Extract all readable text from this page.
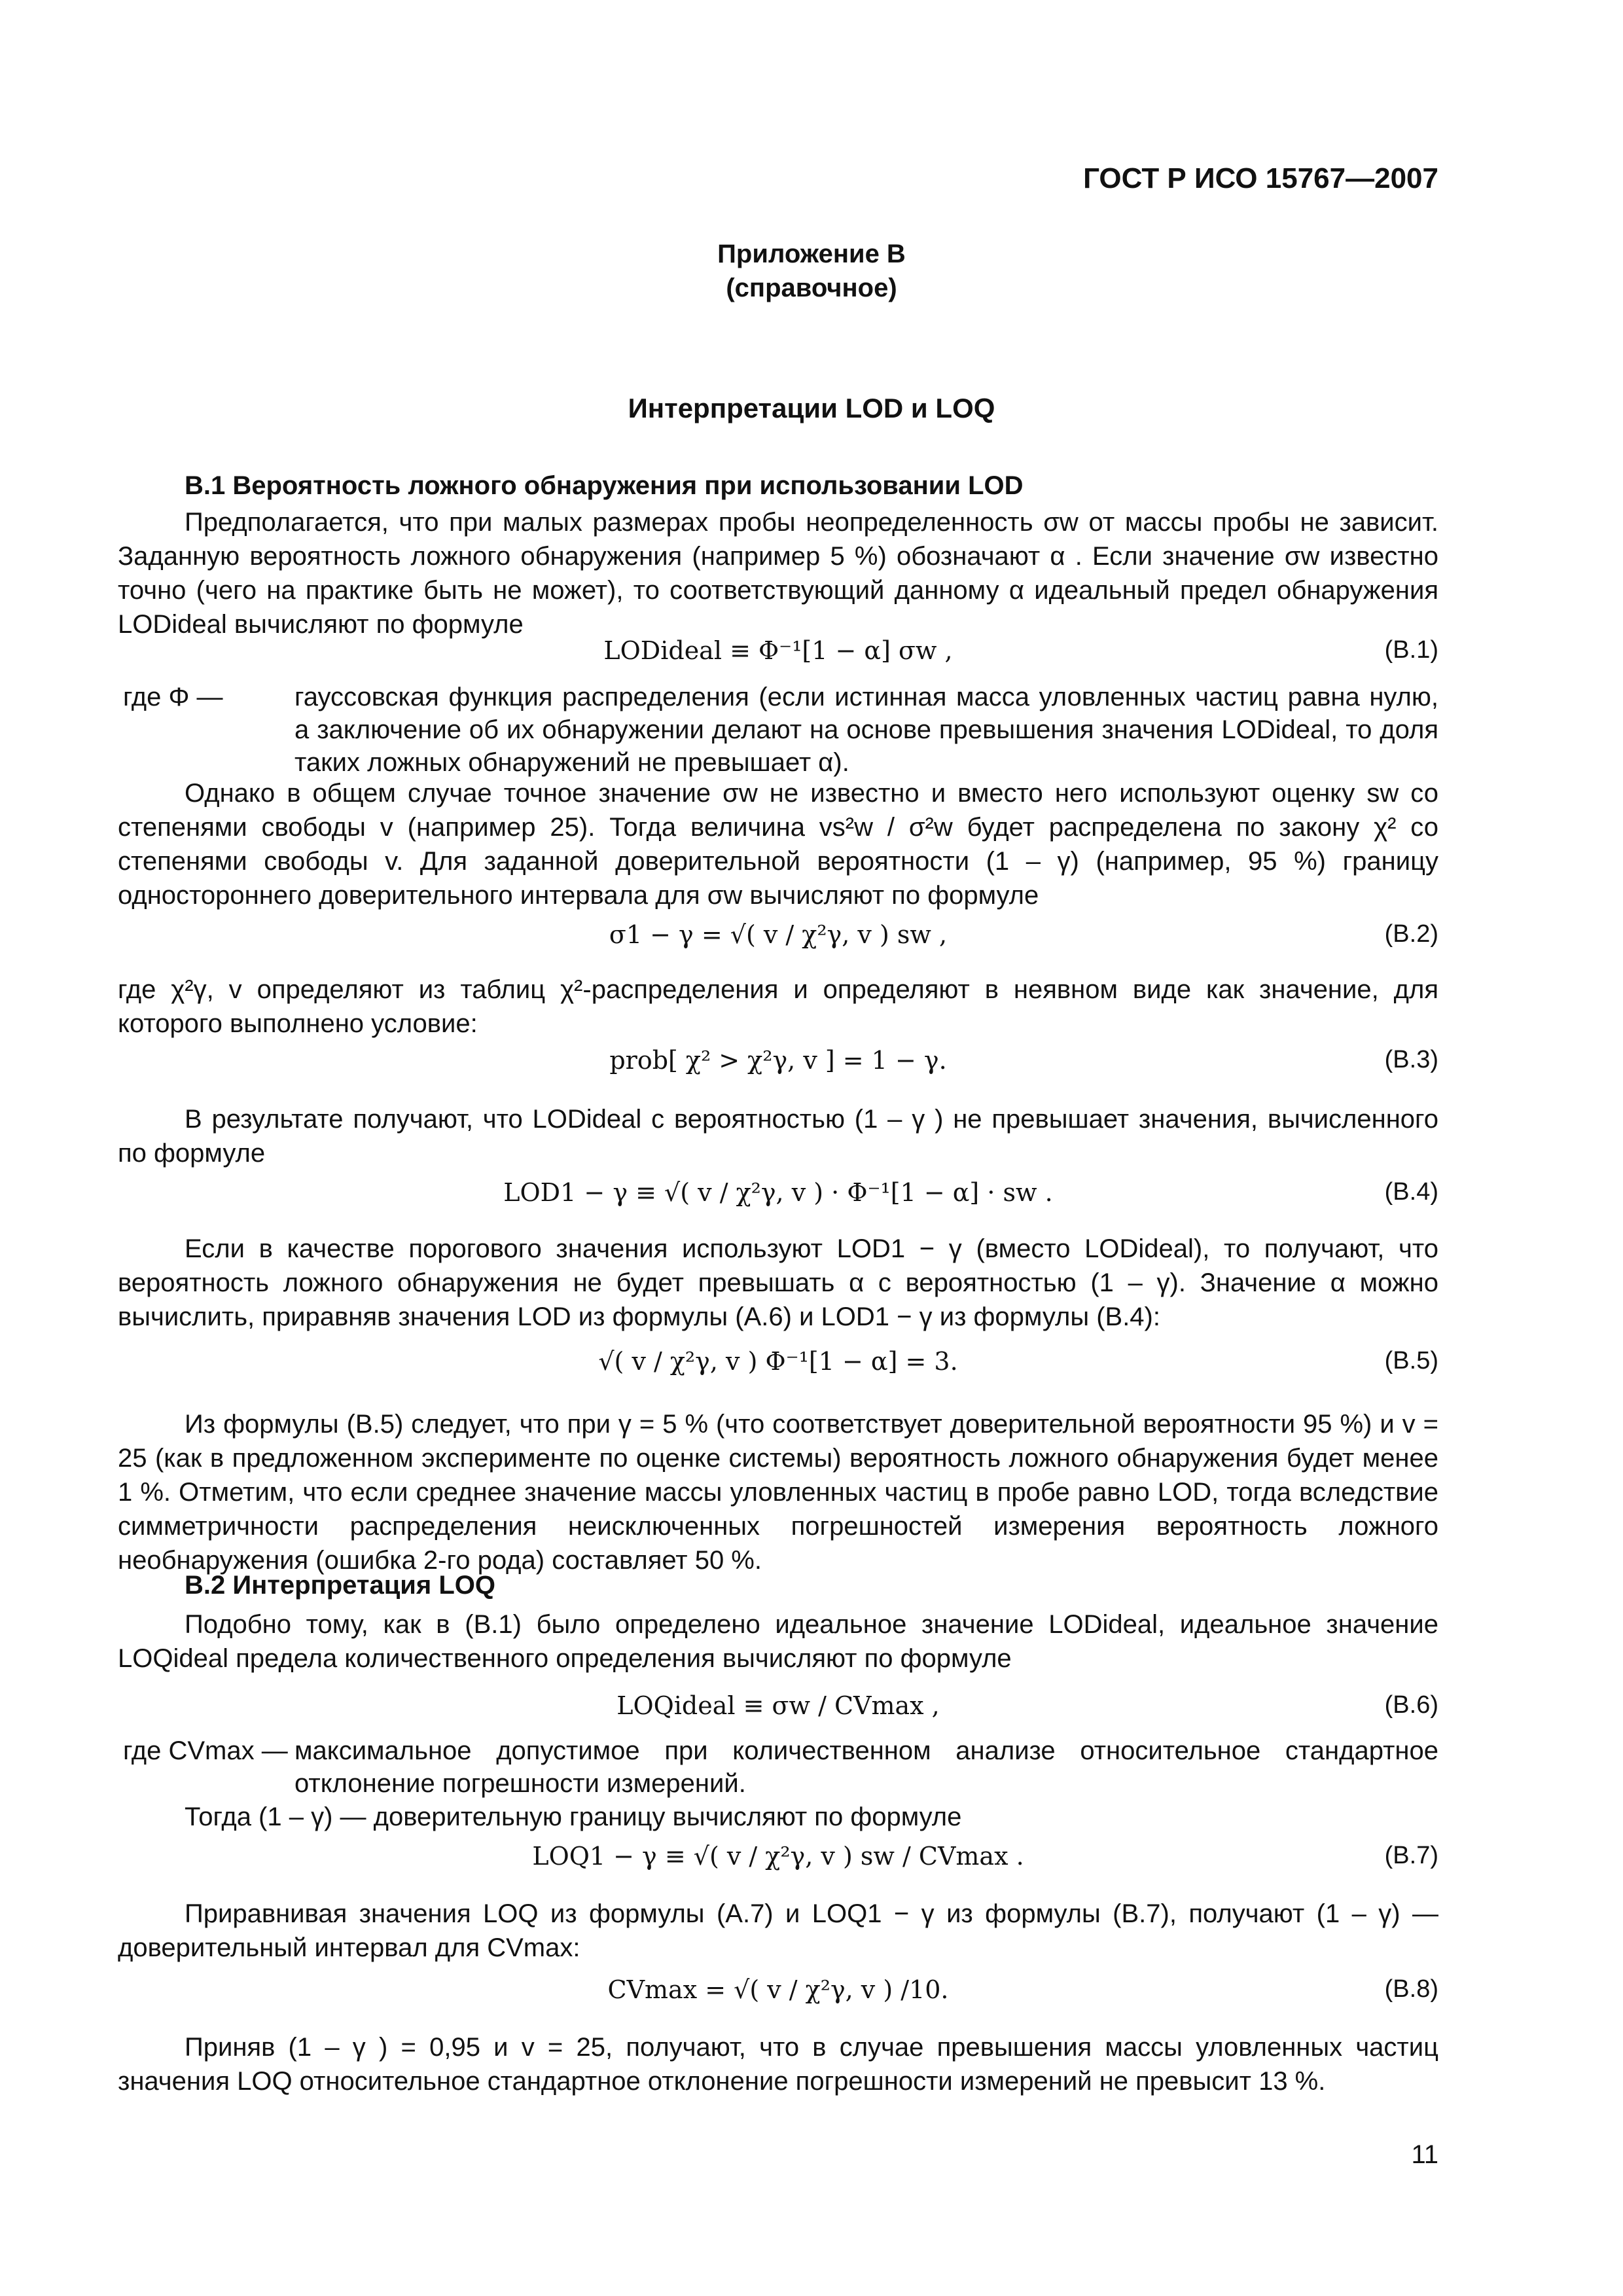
ГОСТ Р ИСО 15767—2007
Приложение В
(справочное)
Интерпретации LOD и LOQ
В.1 Вероятность ложного обнаружения при использовании LOD
Предполагается, что при малых размерах пробы неопределенность σw от массы пробы не зависит. Заданную вероятность ложного обнаружения (например 5 %) обозначают α . Если значение σw известно точно (чего на практике быть не может), то соответствующий данному α идеальный предел обнаружения LODideal вычисляют по формуле
LODideal ≡ Φ⁻¹[1 − α] σw ,	(B.1)
где Φ —	гауссовская функция распределения (если истинная масса уловленных частиц равна нулю, а заключение об их обнаружении делают на основе превышения значения LODideal, то доля таких ложных обнаружений не превышает α).
Однако в общем случае точное значение σw не известно и вместо него используют оценку sw со степенями свободы v (например 25). Тогда величина vs²w / σ²w будет распределена по закону χ² со степенями свободы v. Для заданной доверительной вероятности (1 – γ) (например, 95 %) границу одностороннего доверительного интервала для σw вычисляют по формуле
σ1 − γ = √( v / χ²γ, v ) sw ,	(B.2)
где χ²γ, v определяют из таблиц χ²-распределения и определяют в неявном виде как значение, для которого выполнено условие:
prob[ χ² > χ²γ, v ] = 1 − γ.	(B.3)
В результате получают, что LODideal с вероятностью (1 – γ ) не превышает значения, вычисленного по формуле
LOD1 − γ ≡ √( v / χ²γ, v ) · Φ⁻¹[1 − α] · sw .	(B.4)
Если в качестве порогового значения используют LOD1 − γ (вместо LODideal), то получают, что вероятность ложного обнаружения не будет превышать α с вероятностью (1 – γ). Значение α можно вычислить, приравняв значения LOD из формулы (А.6) и LOD1 − γ из формулы (В.4):
√( v / χ²γ, v ) Φ⁻¹[1 − α] = 3.	(B.5)
Из формулы (В.5) следует, что при γ = 5 % (что соответствует доверительной вероятности 95 %) и v = 25 (как в предложенном эксперименте по оценке системы) вероятность ложного обнаружения будет менее 1 %. Отметим, что если среднее значение массы уловленных частиц в пробе равно LOD, тогда вследствие симметричности распределения неисключенных погрешностей измерения вероятность ложного необнаружения (ошибка 2-го рода) составляет 50 %.
В.2 Интерпретация LOQ
Подобно тому, как в (В.1) было определено идеальное значение LODideal, идеальное значение LOQideal предела количественного определения вычисляют по формуле
LOQideal ≡ σw / CVmax ,	(B.6)
где CVmax — максимальное допустимое при количественном анализе относительное стандартное отклонение погрешности измерений.
Тогда (1 – γ) — доверительную границу вычисляют по формуле
LOQ1 − γ ≡ √( v / χ²γ, v ) sw / CVmax .	(B.7)
Приравнивая значения LOQ из формулы (А.7) и LOQ1 − γ из формулы (В.7), получают (1 – γ) — доверительный интервал для CVmax:
CVmax = √( v / χ²γ, v ) /10.	(B.8)
Приняв (1 – γ ) = 0,95 и v = 25, получают, что в случае превышения массы уловленных частиц значения LOQ относительное стандартное отклонение погрешности измерений не превысит 13 %.
11
